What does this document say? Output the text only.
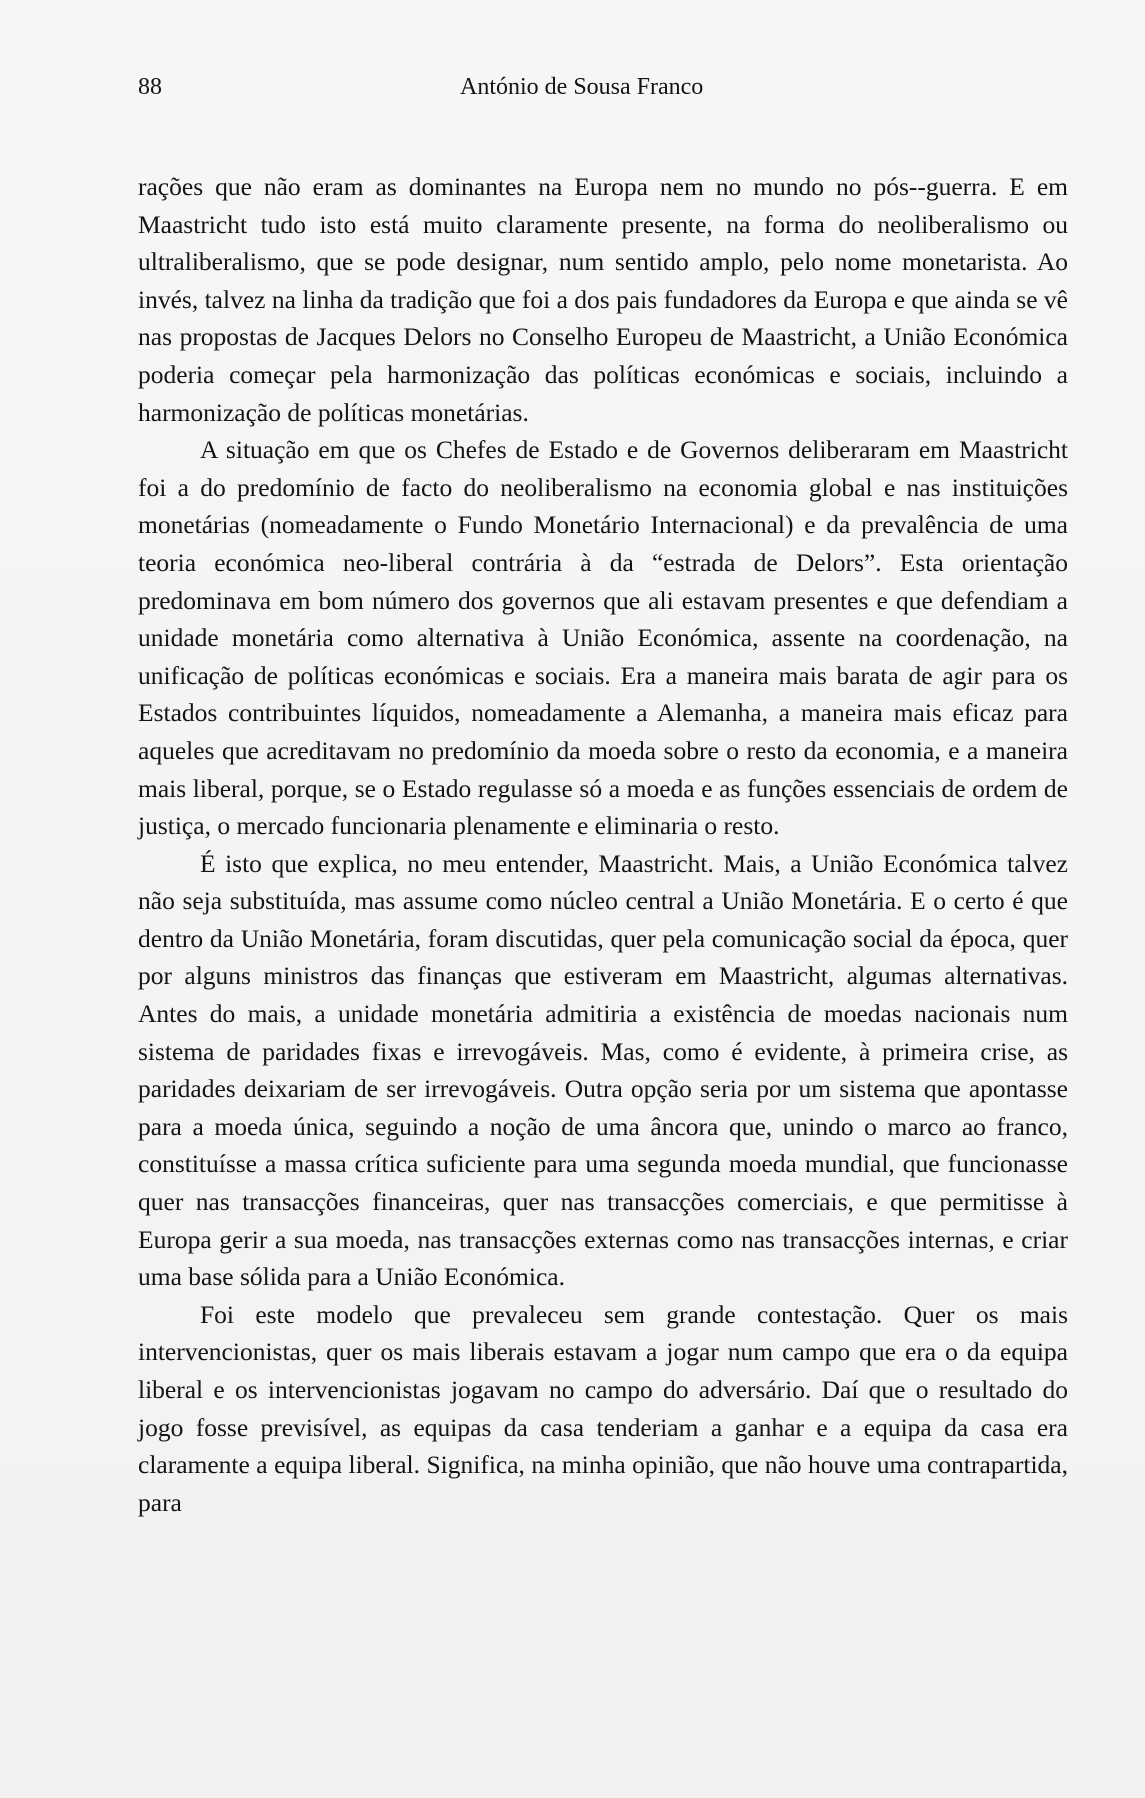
88	António de Sousa Franco

rações que não eram as dominantes na Europa nem no mundo no pós--guerra. E em Maastricht tudo isto está muito claramente presente, na forma do neoliberalismo ou ultraliberalismo, que se pode designar, num sentido amplo, pelo nome monetarista. Ao invés, talvez na linha da tradição que foi a dos pais fundadores da Europa e que ainda se vê nas propostas de Jacques Delors no Conselho Europeu de Maastricht, a União Económica poderia começar pela harmonização das políticas económicas e sociais, incluindo a harmonização de políticas monetárias.

A situação em que os Chefes de Estado e de Governos deliberaram em Maastricht foi a do predomínio de facto do neoliberalismo na economia global e nas instituições monetárias (nomeadamente o Fundo Monetário Internacional) e da prevalência de uma teoria económica neo-liberal contrária à da “estrada de Delors”. Esta orientação predominava em bom número dos governos que ali estavam presentes e que defendiam a unidade monetária como alternativa à União Económica, assente na coordenação, na unificação de políticas económicas e sociais. Era a maneira mais barata de agir para os Estados contribuintes líquidos, nomeadamente a Alemanha, a maneira mais eficaz para aqueles que acreditavam no predomínio da moeda sobre o resto da economia, e a maneira mais liberal, porque, se o Estado regulasse só a moeda e as funções essenciais de ordem de justiça, o mercado funcionaria plenamente e eliminaria o resto.

É isto que explica, no meu entender, Maastricht. Mais, a União Económica talvez não seja substituída, mas assume como núcleo central a União Monetária. E o certo é que dentro da União Monetária, foram discutidas, quer pela comunicação social da época, quer por alguns ministros das finanças que estiveram em Maastricht, algumas alternativas. Antes do mais, a unidade monetária admitiria a existência de moedas nacionais num sistema de paridades fixas e irrevogáveis. Mas, como é evidente, à primeira crise, as paridades deixariam de ser irrevogáveis. Outra opção seria por um sistema que apontasse para a moeda única, seguindo a noção de uma âncora que, unindo o marco ao franco, constituísse a massa crítica suficiente para uma segunda moeda mundial, que funcionasse quer nas transacções financeiras, quer nas transacções comerciais, e que permitisse à Europa gerir a sua moeda, nas transacções externas como nas transacções internas, e criar uma base sólida para a União Económica.

Foi este modelo que prevaleceu sem grande contestação. Quer os mais intervencionistas, quer os mais liberais estavam a jogar num campo que era o da equipa liberal e os intervencionistas jogavam no campo do adversário. Daí que o resultado do jogo fosse previsível, as equipas da casa tenderiam a ganhar e a equipa da casa era claramente a equipa liberal. Significa, na minha opinião, que não houve uma contrapartida, para
